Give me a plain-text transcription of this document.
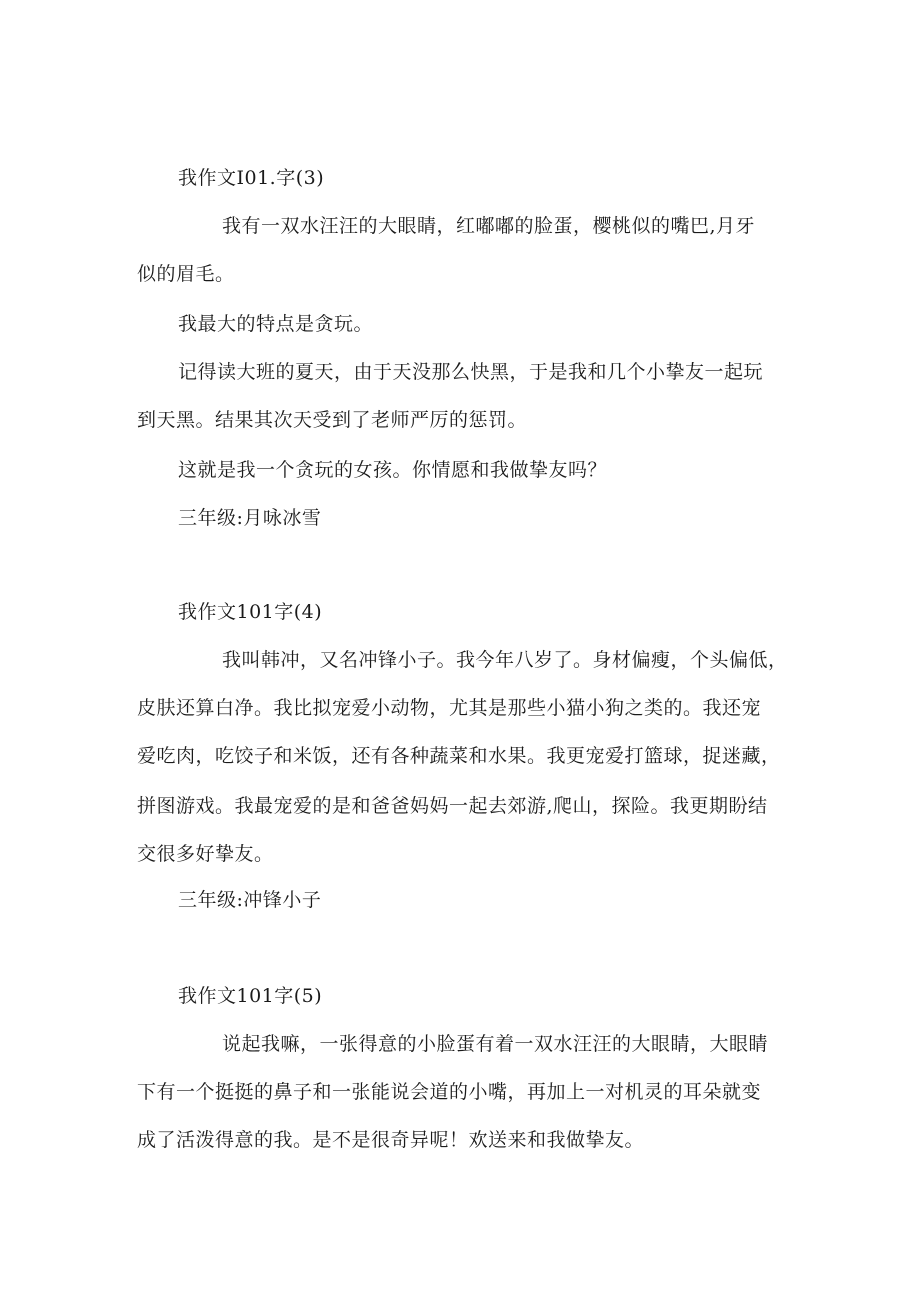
我作文I01.字(3)
我有一双水汪汪的大眼睛，红嘟嘟的脸蛋，樱桃似的嘴巴,月牙
似的眉毛。
我最大的特点是贪玩。
记得读大班的夏天，由于天没那么快黑，于是我和几个小挚友一起玩
到天黑。结果其次天受到了老师严厉的惩罚。
这就是我一个贪玩的女孩。你情愿和我做挚友吗？
三年级:月咏冰雪
我作文101字(4)
我叫韩冲，又名冲锋小子。我今年八岁了。身材偏瘦，个头偏低，
皮肤还算白净。我比拟宠爱小动物，尤其是那些小猫小狗之类的。我还宠
爱吃肉，吃饺子和米饭，还有各种蔬菜和水果。我更宠爱打篮球，捉迷藏，
拼图游戏。我最宠爱的是和爸爸妈妈一起去郊游,爬山，探险。我更期盼结
交很多好挚友。
三年级:冲锋小子
我作文101字(5)
说起我嘛，一张得意的小脸蛋有着一双水汪汪的大眼睛，大眼睛
下有一个挺挺的鼻子和一张能说会道的小嘴，再加上一对机灵的耳朵就变
成了活泼得意的我。是不是很奇异呢！欢送来和我做挚友。
